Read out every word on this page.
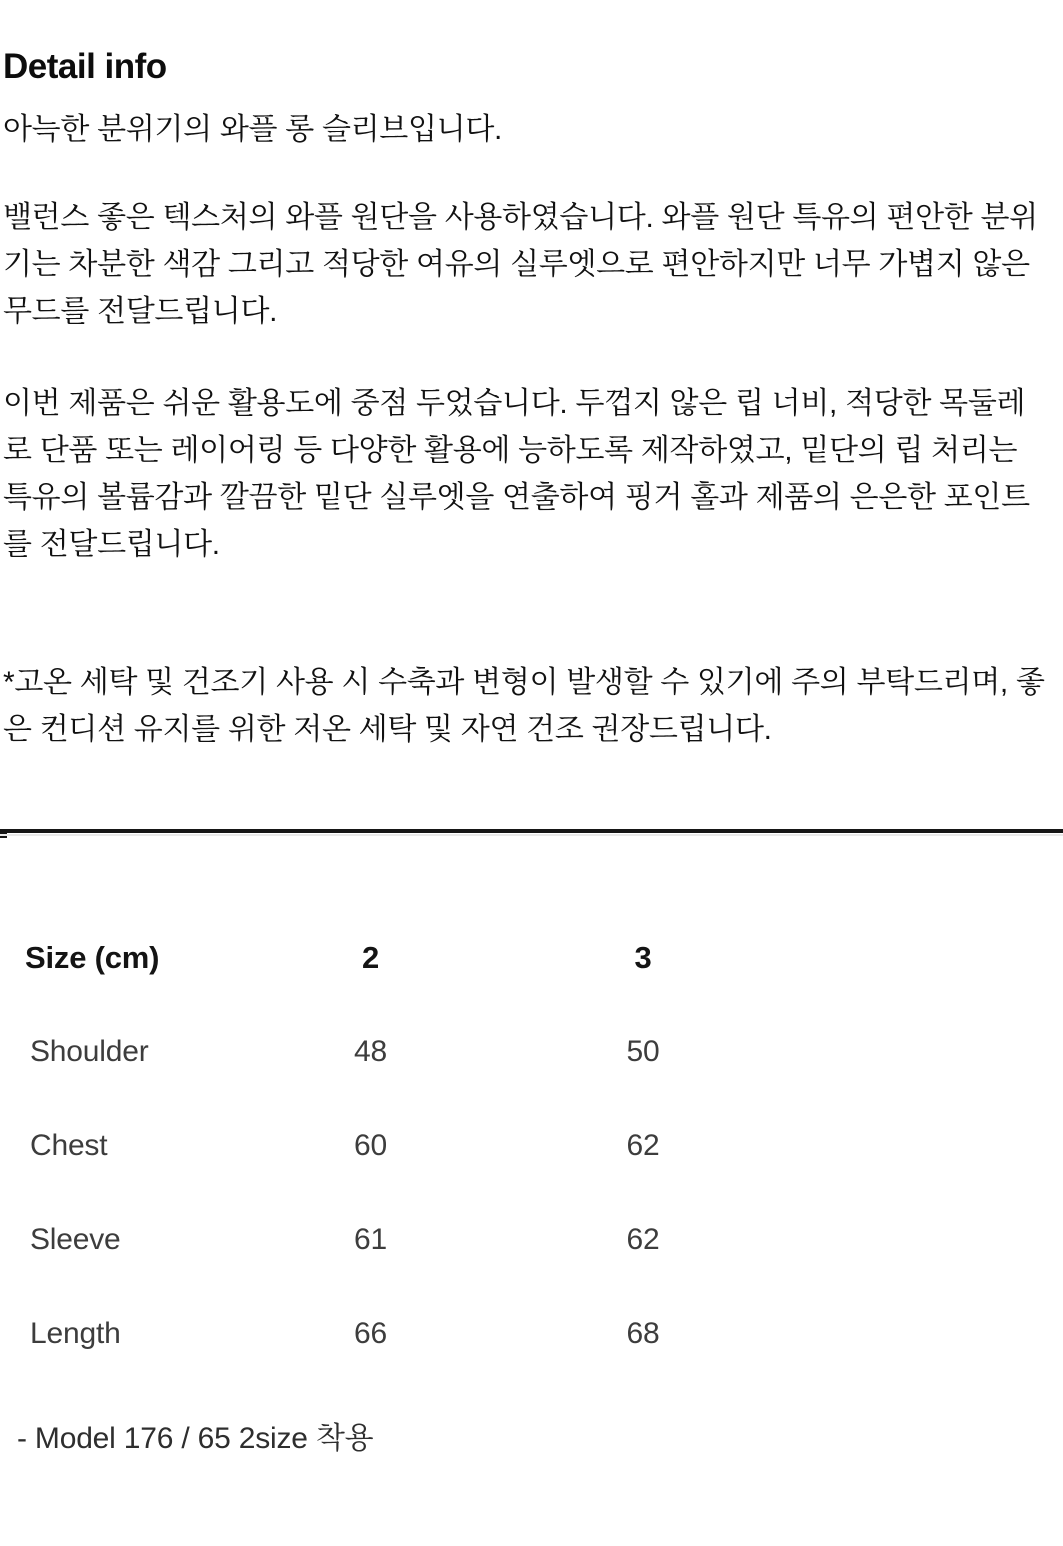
Detail info

아늑한 분위기의 와플 롱 슬리브입니다.

밸런스 좋은 텍스처의 와플 원단을 사용하였습니다. 와플 원단 특유의 편안한 분위기는 차분한 색감 그리고 적당한 여유의 실루엣으로 편안하지만 너무 가볍지 않은 무드를 전달드립니다.

이번 제품은 쉬운 활용도에 중점 두었습니다. 두껍지 않은 립 너비, 적당한 목둘레로 단품 또는 레이어링 등 다양한 활용에 능하도록 제작하였고, 밑단의 립 처리는 특유의 볼륨감과 깔끔한 밑단 실루엣을 연출하여 핑거 홀과 제품의 은은한 포인트를 전달드립니다.

*고온 세탁 및 건조기 사용 시 수축과 변형이 발생할 수 있기에 주의 부탁드리며, 좋은 컨디션 유지를 위한 저온 세탁 및 자연 건조 권장드립니다.

Size (cm)	2	3
Shoulder	48	50
Chest	60	62
Sleeve	61	62
Length	66	68

- Model 176 / 65 2size 착용
